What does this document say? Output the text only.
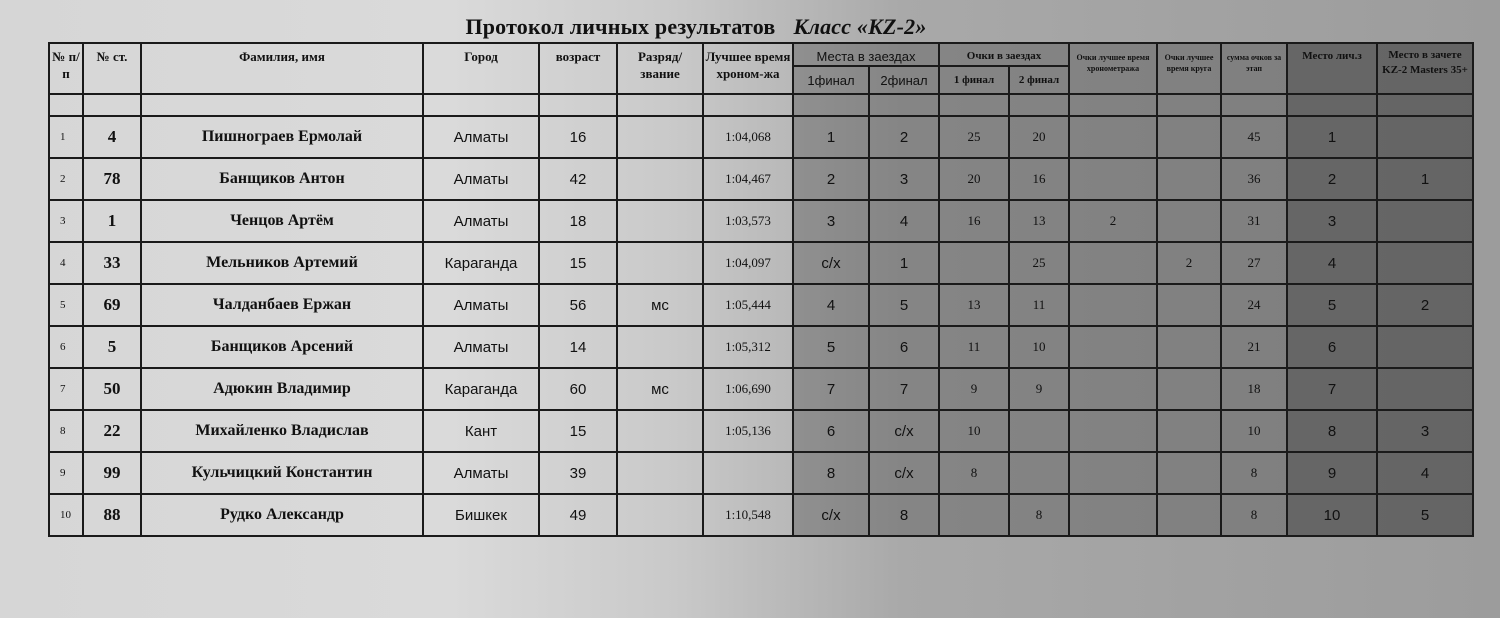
Протокол личных результатов Класс «KZ-2»
№ п/п	№ ст.	Фамилия, имя	Город	возраст	Разряд/ звание	Лучшее время хроном-жа	Места в заездах		Очки в заездах		Очки лучшее время хронометража	Очки лучшее время круга	сумма очков за этап	Место лич.з	Место в зачете KZ-2 Masters 35+
							1финал	2финал	1 финал	2 финал					

1	4	Пишнограев Ермолай	Алматы	16		1:04,068	1	2	25	20			45	1	
2	78	Банщиков Антон	Алматы	42		1:04,467	2	3	20	16			36	2	1
3	1	Ченцов Артём	Алматы	18		1:03,573	3	4	16	13	2		31	3	
4	33	Мельников Артемий	Караганда	15		1:04,097	с/х	1		25		2	27	4	
5	69	Чалданбаев Ержан	Алматы	56	мс	1:05,444	4	5	13	11			24	5	2
6	5	Банщиков Арсений	Алматы	14		1:05,312	5	6	11	10			21	6	
7	50	Адюкин Владимир	Караганда	60	мс	1:06,690	7	7	9	9			18	7	
8	22	Михайленко Владислав	Кант	15		1:05,136	6	с/х	10				10	8	3
9	99	Кульчицкий Константин	Алматы	39			8	с/х	8				8	9	4
10	88	Рудко Александр	Бишкек	49		1:10,548	с/х	8		8			8	10	5
